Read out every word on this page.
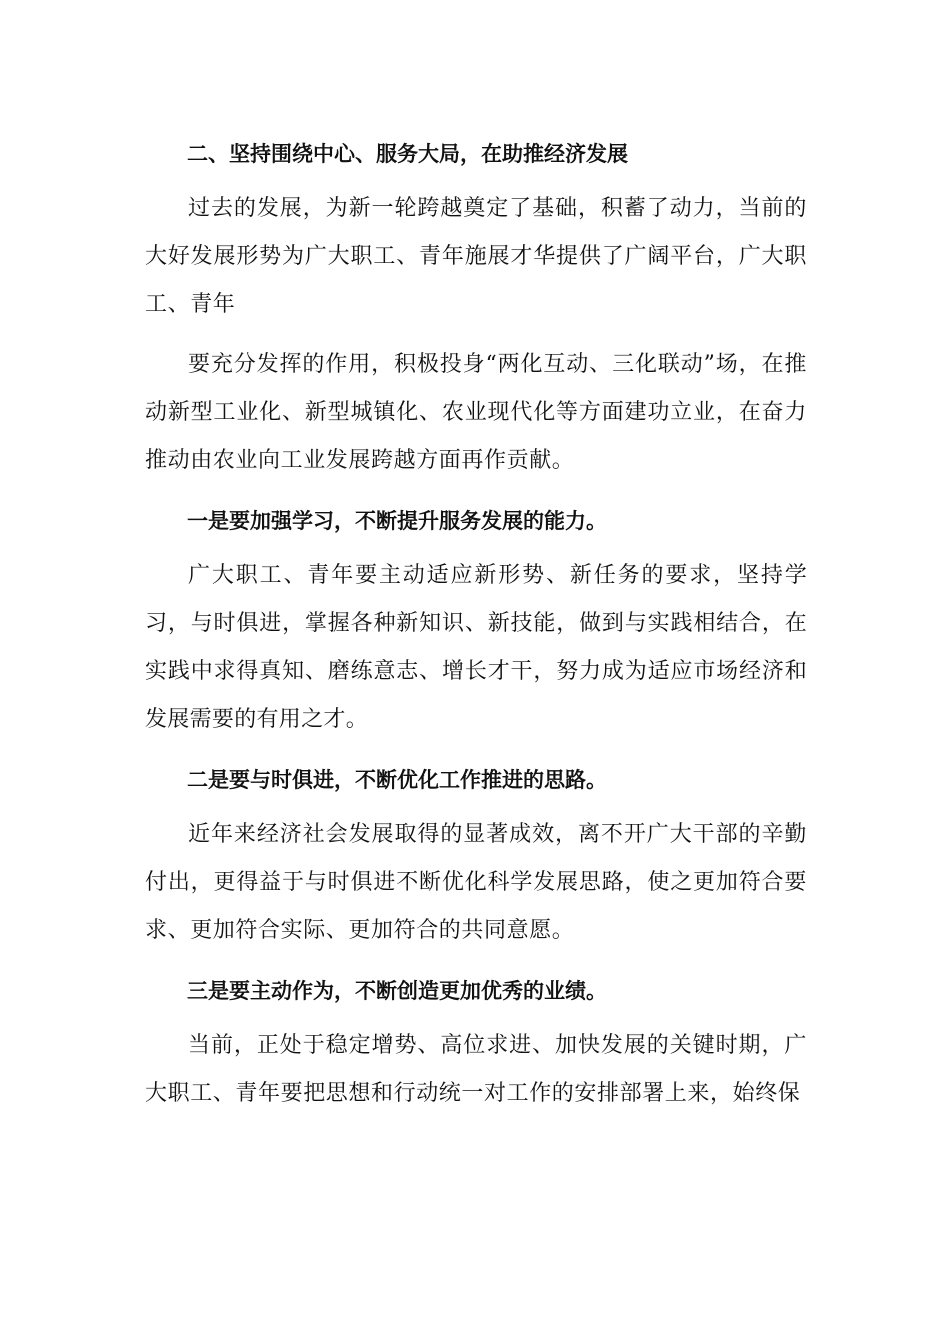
二、坚持围绕中心、服务大局，在助推经济发展

过去的发展，为新一轮跨越奠定了基础，积蓄了动力，当前的大好发展形势为广大职工、青年施展才华提供了广阔平台，广大职工、青年

要充分发挥的作用，积极投身“两化互动、三化联动”场，在推动新型工业化、新型城镇化、农业现代化等方面建功立业，在奋力推动由农业向工业发展跨越方面再作贡献。

一是要加强学习，不断提升服务发展的能力。

广大职工、青年要主动适应新形势、新任务的要求，坚持学习，与时俱进，掌握各种新知识、新技能，做到与实践相结合，在实践中求得真知、磨练意志、增长才干，努力成为适应市场经济和发展需要的有用之才。

二是要与时俱进，不断优化工作推进的思路。

近年来经济社会发展取得的显著成效，离不开广大干部的辛勤付出，更得益于与时俱进不断优化科学发展思路，使之更加符合要求、更加符合实际、更加符合的共同意愿。

三是要主动作为，不断创造更加优秀的业绩。

当前，正处于稳定增势、高位求进、加快发展的关键时期，广大职工、青年要把思想和行动统一对工作的安排部署上来，始终保
